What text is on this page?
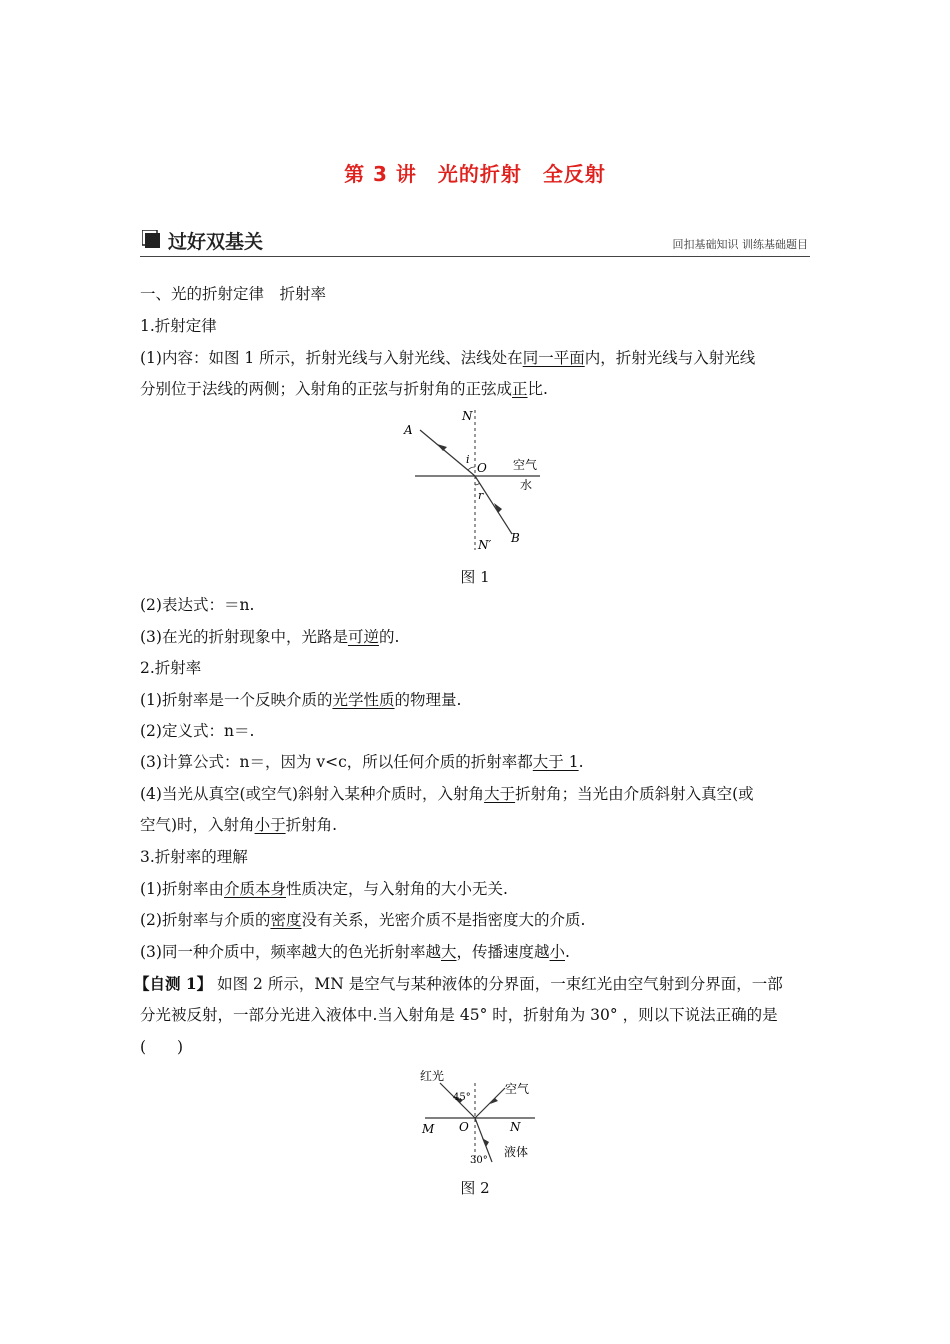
第 3 讲　光的折射　全反射
过好双基关	回扣基础知识 训练基础题目
一、光的折射定律　折射率
1.折射定律
(1)内容：如图 1 所示，折射光线与入射光线、法线处在同一平面内，折射光线与入射光线
分别位于法线的两侧；入射角的正弦与折射角的正弦成正比.
A
N
i
O 空气
水
r
B
N′
图 1
(2)表达式：＝n.
(3)在光的折射现象中，光路是可逆的.
2.折射率
(1)折射率是一个反映介质的光学性质的物理量.
(2)定义式：n＝.
(3)计算公式：n＝，因为 v<c，所以任何介质的折射率都大于 1.
(4)当光从真空(或空气)斜射入某种介质时，入射角大于折射角；当光由介质斜射入真空(或
空气)时，入射角小于折射角.
3.折射率的理解
(1)折射率由介质本身性质决定，与入射角的大小无关.
(2)折射率与介质的密度没有关系，光密介质不是指密度大的介质.
(3)同一种介质中，频率越大的色光折射率越大，传播速度越小.
【自测 1】 如图 2 所示，MN 是空气与某种液体的分界面，一束红光由空气射到分界面，一部
分光被反射，一部分光进入液体中.当入射角是 45° 时，折射角为 30° ，则以下说法正确的是
(　　)
红光
45°
空气
M O	N
30°
液体
图 2
